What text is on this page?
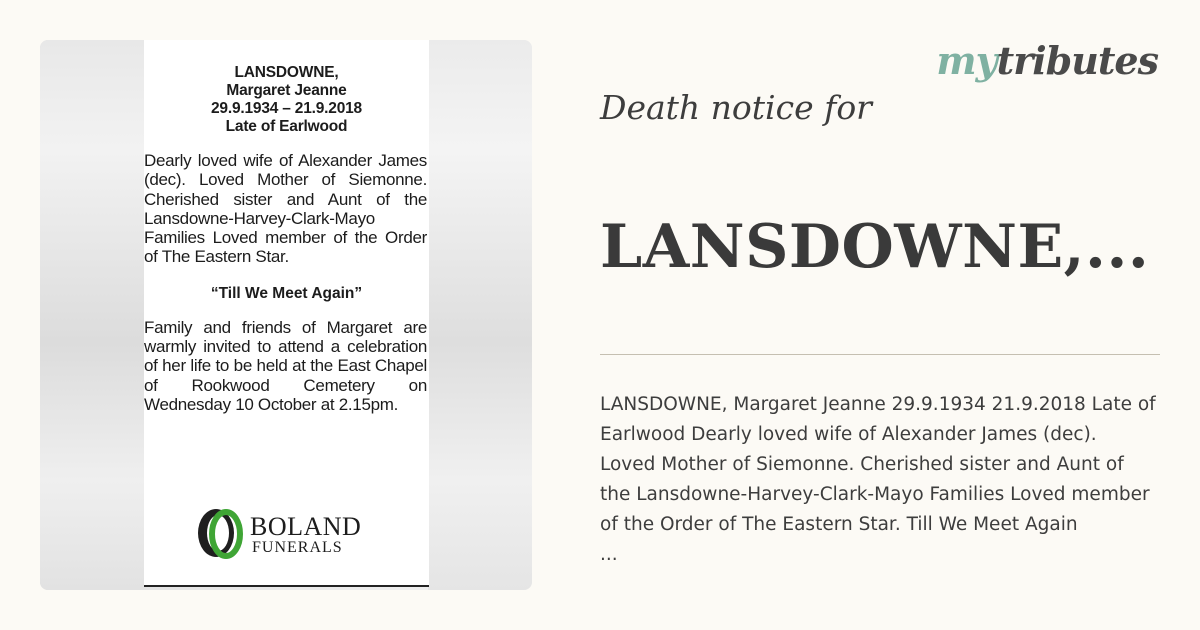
LANSDOWNE,
Margaret Jeanne
29.9.1934 – 21.9.2018
Late of Earlwood
Dearly loved wife of Alexander James (dec). Loved Mother of Siemonne. Cherished sister and Aunt of the Lansdowne-Harvey-Clark-Mayo Families Loved member of the Order of The Eastern Star.
“Till We Meet Again”
Family and friends of Margaret are warmly invited to attend a celebration of her life to be held at the East Chapel of Rookwood Cemetery on Wednesday 10 October at 2.15pm.
BOLAND
FUNERALS
mytributes
Death notice for
LANSDOWNE,...
LANSDOWNE, Margaret Jeanne 29.9.1934 21.9.2018 Late of
Earlwood Dearly loved wife of Alexander James (dec).
Loved Mother of Siemonne. Cherished sister and Aunt of
the Lansdowne-Harvey-Clark-Mayo Families Loved member
of the Order of The Eastern Star. Till We Meet Again
...
